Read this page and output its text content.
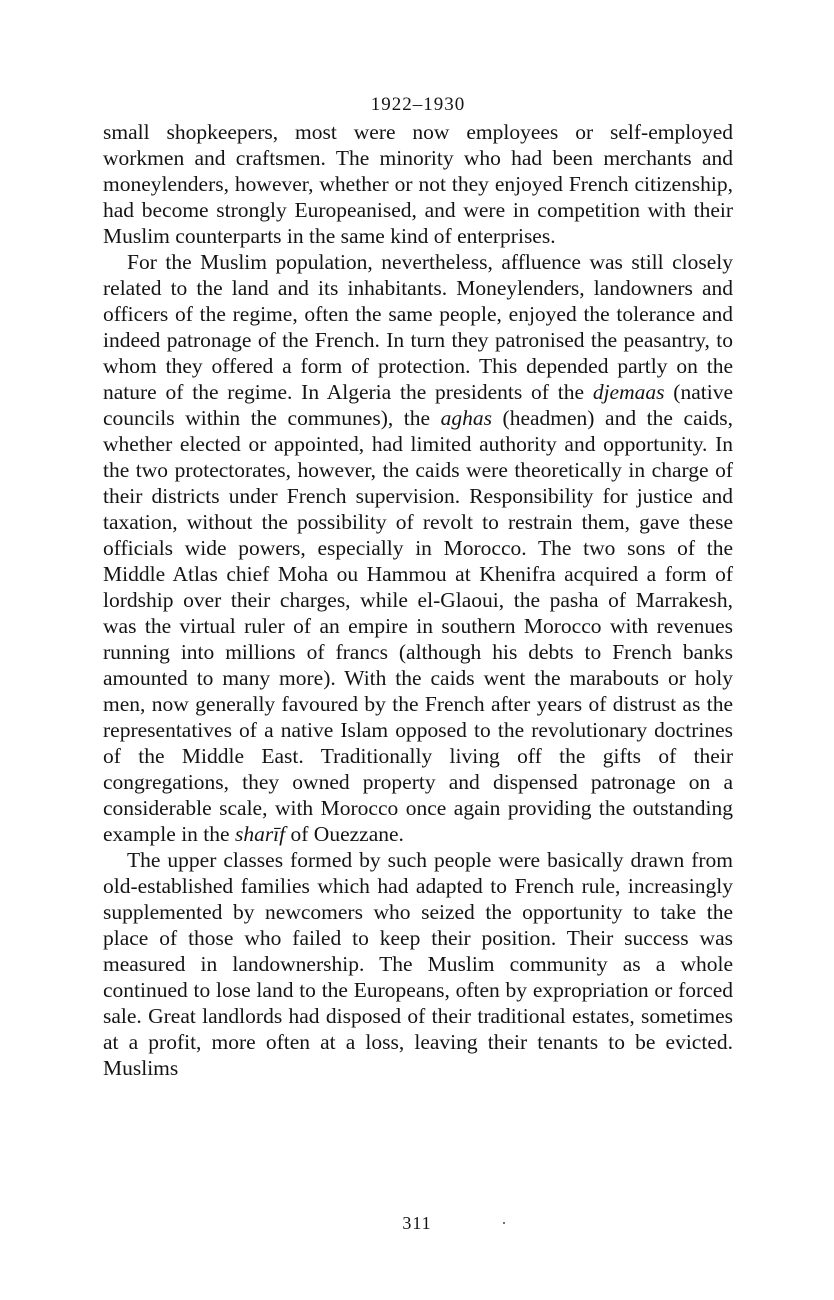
1922–1930

small shopkeepers, most were now employees or self-employed workmen and craftsmen. The minority who had been merchants and moneylenders, however, whether or not they enjoyed French citizenship, had become strongly Europeanised, and were in competition with their Muslim counterparts in the same kind of enterprises.

For the Muslim population, nevertheless, affluence was still closely related to the land and its inhabitants. Moneylenders, landowners and officers of the regime, often the same people, enjoyed the tolerance and indeed patronage of the French. In turn they patronised the peasantry, to whom they offered a form of protection. This depended partly on the nature of the regime. In Algeria the presidents of the djemaas (native councils within the communes), the aghas (headmen) and the caids, whether elected or appointed, had limited authority and opportunity. In the two protectorates, however, the caids were theoretically in charge of their districts under French supervision. Responsibility for justice and taxation, without the possibility of revolt to restrain them, gave these officials wide powers, especially in Morocco. The two sons of the Middle Atlas chief Moha ou Hammou at Khenifra acquired a form of lordship over their charges, while el-Glaoui, the pasha of Marrakesh, was the virtual ruler of an empire in southern Morocco with revenues running into millions of francs (although his debts to French banks amounted to many more). With the caids went the marabouts or holy men, now generally favoured by the French after years of distrust as the representatives of a native Islam opposed to the revolutionary doctrines of the Middle East. Traditionally living off the gifts of their congregations, they owned property and dispensed patronage on a considerable scale, with Morocco once again providing the outstanding example in the sharīf of Ouezzane.

The upper classes formed by such people were basically drawn from old-established families which had adapted to French rule, increasingly supplemented by newcomers who seized the opportunity to take the place of those who failed to keep their position. Their success was measured in landownership. The Muslim community as a whole continued to lose land to the Europeans, often by expropriation or forced sale. Great landlords had disposed of their traditional estates, sometimes at a profit, more often at a loss, leaving their tenants to be evicted. Muslims

311
